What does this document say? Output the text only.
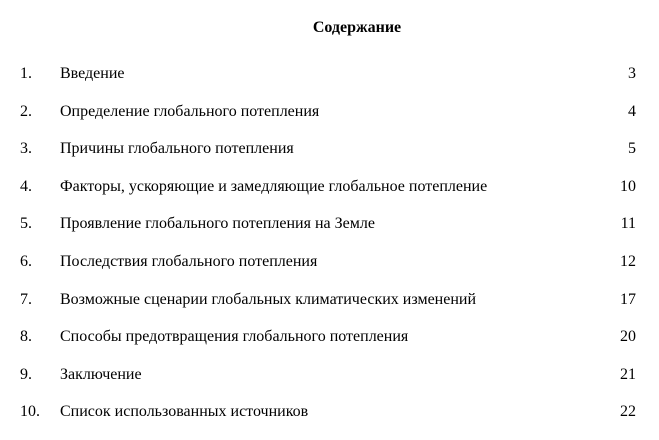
Содержание
1. Введение	3
2. Определение глобального потепления	4
3. Причины глобального потепления	5
4. Факторы, ускоряющие и замедляющие глобальное потепление	10
5. Проявление глобального потепления на Земле	11
6. Последствия глобального потепления	12
7. Возможные сценарии глобальных климатических изменений	17
8. Способы предотвращения глобального потепления	20
9. Заключение	21
10. Список использованных источников	22
